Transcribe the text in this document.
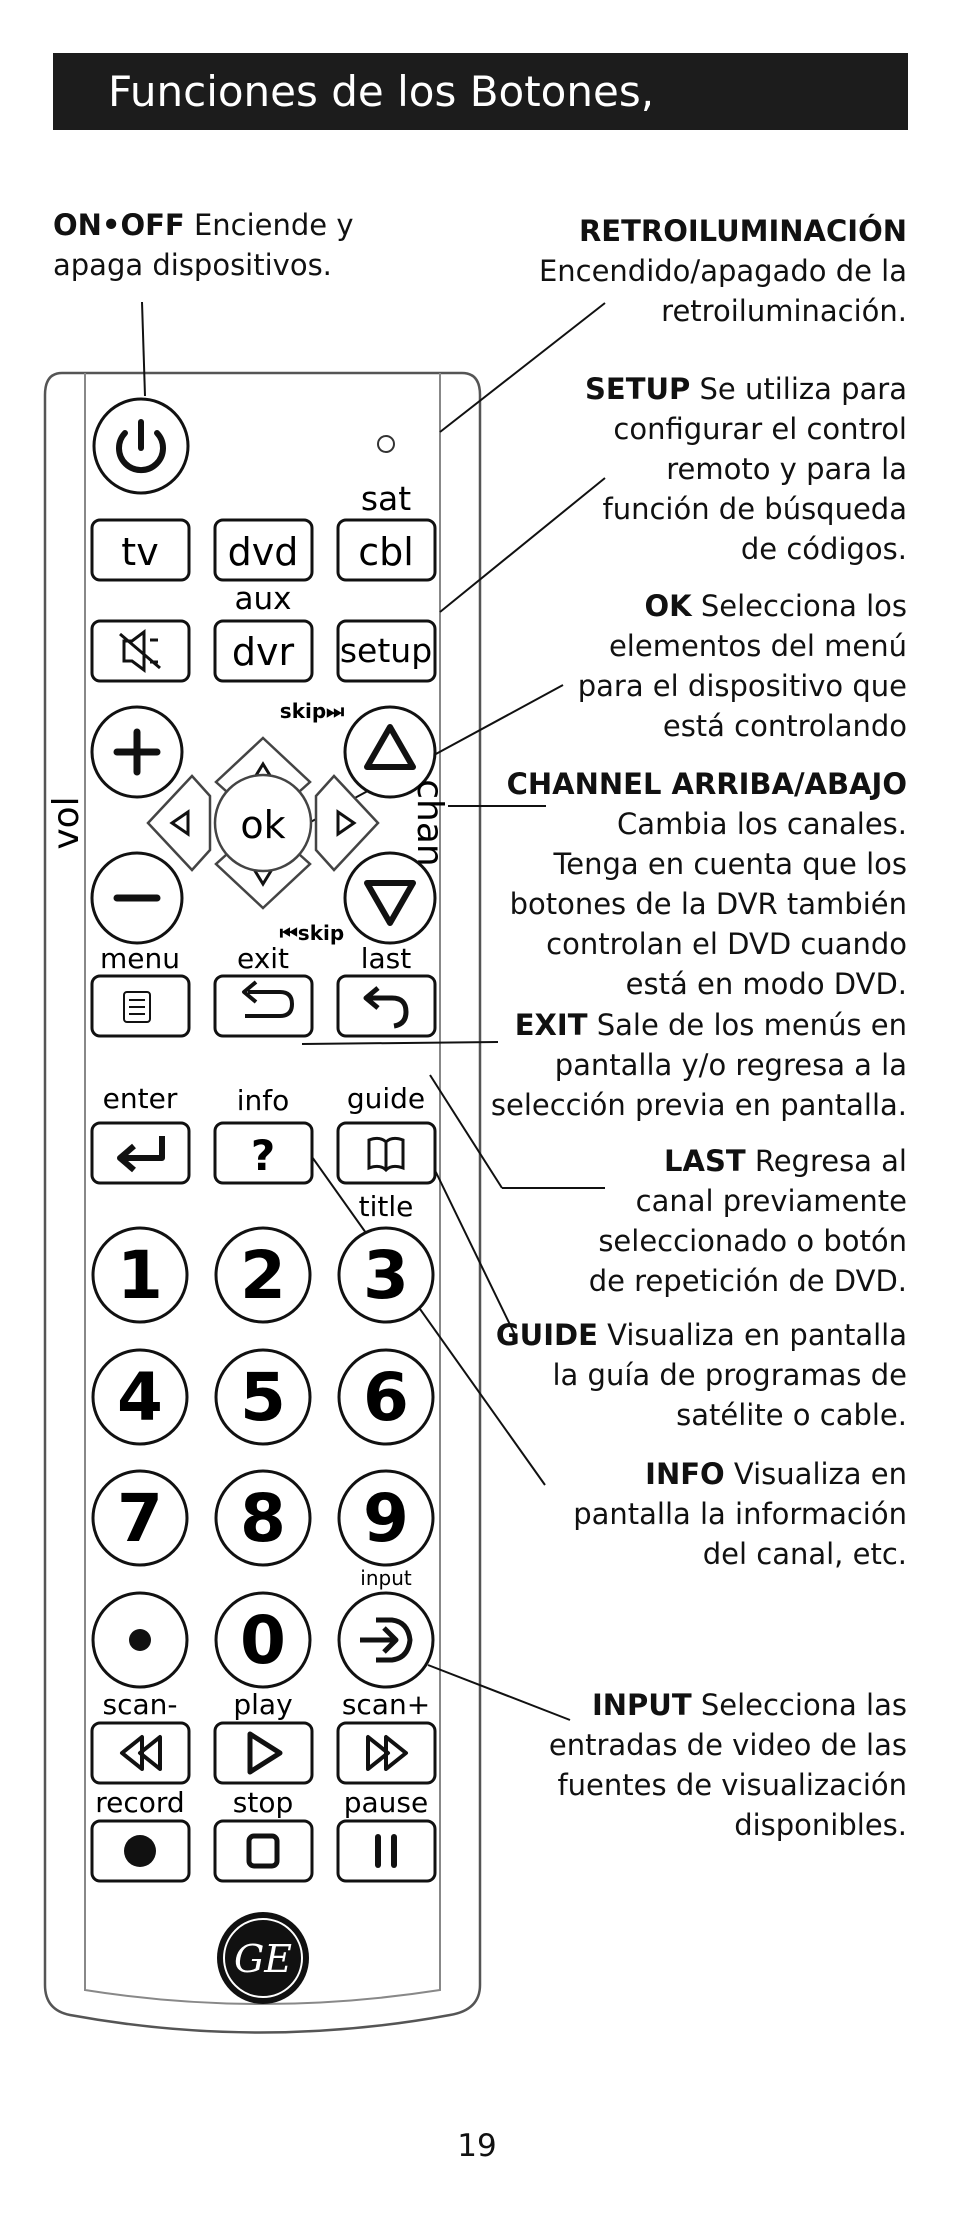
Funciones de los Botones, continuación
ON•OFF Enciende y
apaga dispositivos.
RETROILUMINACIÓN
Encendido/apagado de la
retroiluminación.
SETUP Se utiliza para
configurar el control
remoto y para la
función de búsqueda
de códigos.
OK Selecciona los
elementos del menú
para el dispositivo que
está controlando
CHANNEL ARRIBA/ABAJO
Cambia los canales.
Tenga en cuenta que los
botones de la DVR también
controlan el DVD cuando
está en modo DVD.
EXIT Sale de los menús en
pantalla y/o regresa a la
selección previa en pantalla.
LAST Regresa al
canal previamente
seleccionado o botón
de repetición de DVD.
GUIDE Visualiza en pantalla
la guía de programas de
satélite o cable.
INFO Visualiza en
pantalla la información
del canal, etc.
INPUT Selecciona las
entradas de video de las
fuentes de visualización
disponibles.
sat
tv dvd cbl
aux
dvr setup
skip⏭
ok
vol	chan
⏮skip
menu exit	last
enter info guide
?
title
1 2 3
4 5 6
7 8 9
0
input
scan- play scan+
record stop pause
GE
19
